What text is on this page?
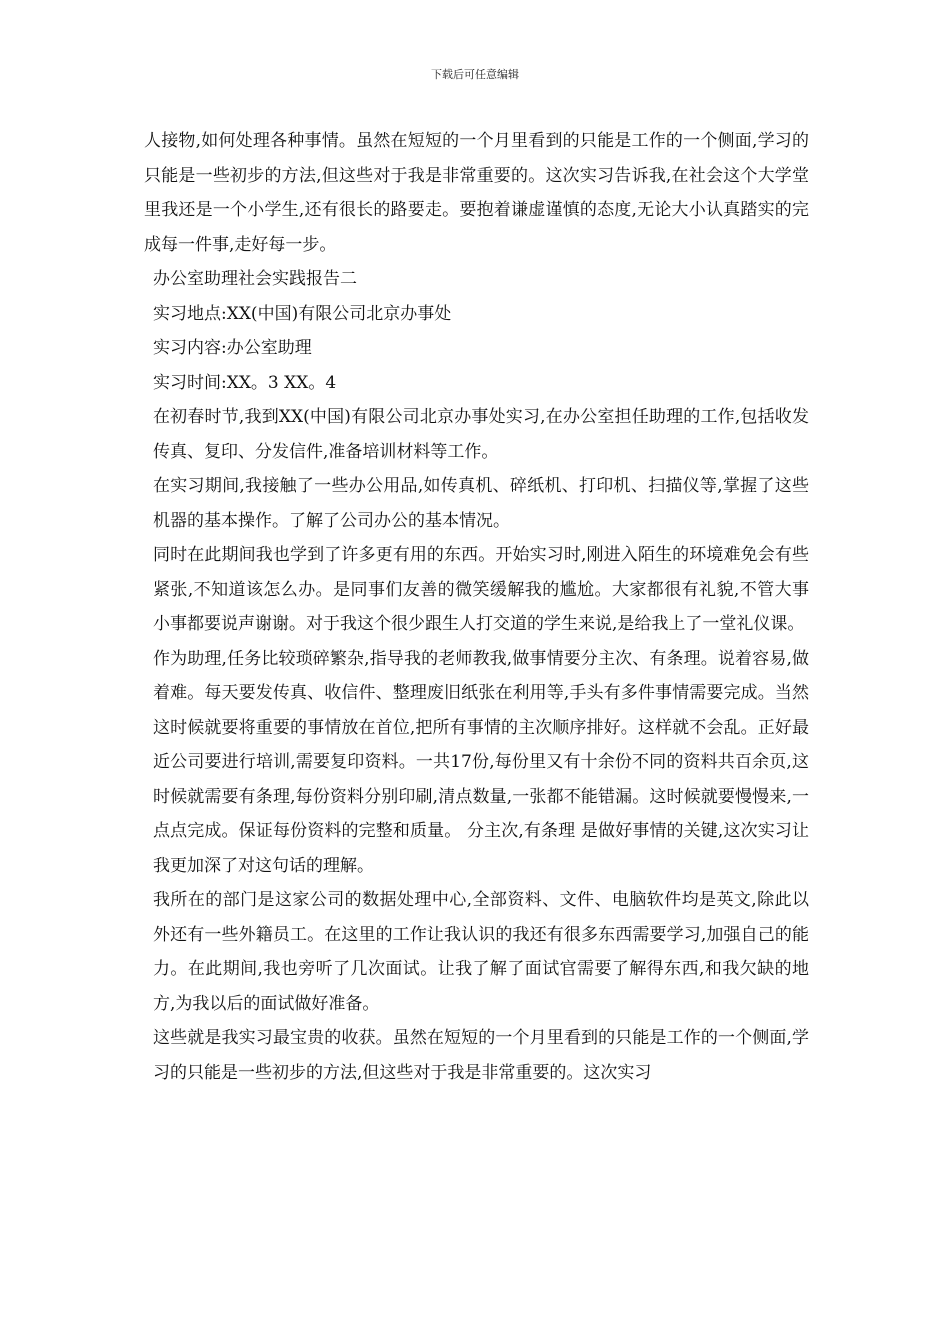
下载后可任意编辑

人接物,如何处理各种事情。虽然在短短的一个月里看到的只能是工作的一个侧面,学习的只能是一些初步的方法,但这些对于我是非常重要的。这次实习告诉我,在社会这个大学堂里我还是一个小学生,还有很长的路要走。要抱着谦虚谨慎的态度,无论大小认真踏实的完成每一件事,走好每一步。

办公室助理社会实践报告二

实习地点:XX(中国)有限公司北京办事处

实习内容:办公室助理

实习时间:XX。3 XX。4

在初春时节,我到XX(中国)有限公司北京办事处实习,在办公室担任助理的工作,包括收发传真、复印、分发信件,准备培训材料等工作。

在实习期间,我接触了一些办公用品,如传真机、碎纸机、打印机、扫描仪等,掌握了这些机器的基本操作。了解了公司办公的基本情况。

同时在此期间我也学到了许多更有用的东西。开始实习时,刚进入陌生的环境难免会有些紧张,不知道该怎么办。是同事们友善的微笑缓解我的尴尬。大家都很有礼貌,不管大事小事都要说声谢谢。对于我这个很少跟生人打交道的学生来说,是给我上了一堂礼仪课。

作为助理,任务比较琐碎繁杂,指导我的老师教我,做事情要分主次、有条理。说着容易,做着难。每天要发传真、收信件、整理废旧纸张在利用等,手头有多件事情需要完成。当然这时候就要将重要的事情放在首位,把所有事情的主次顺序排好。这样就不会乱。正好最近公司要进行培训,需要复印资料。一共17份,每份里又有十余份不同的资料共百余页,这时候就需要有条理,每份资料分别印刷,清点数量,一张都不能错漏。这时候就要慢慢来,一点点完成。保证每份资料的完整和质量。 分主次,有条理 是做好事情的关键,这次实习让我更加深了对这句话的理解。

我所在的部门是这家公司的数据处理中心,全部资料、文件、电脑软件均是英文,除此以外还有一些外籍员工。在这里的工作让我认识的我还有很多东西需要学习,加强自己的能力。在此期间,我也旁听了几次面试。让我了解了面试官需要了解得东西,和我欠缺的地方,为我以后的面试做好准备。

这些就是我实习最宝贵的收获。虽然在短短的一个月里看到的只能是工作的一个侧面,学习的只能是一些初步的方法,但这些对于我是非常重要的。这次实习
